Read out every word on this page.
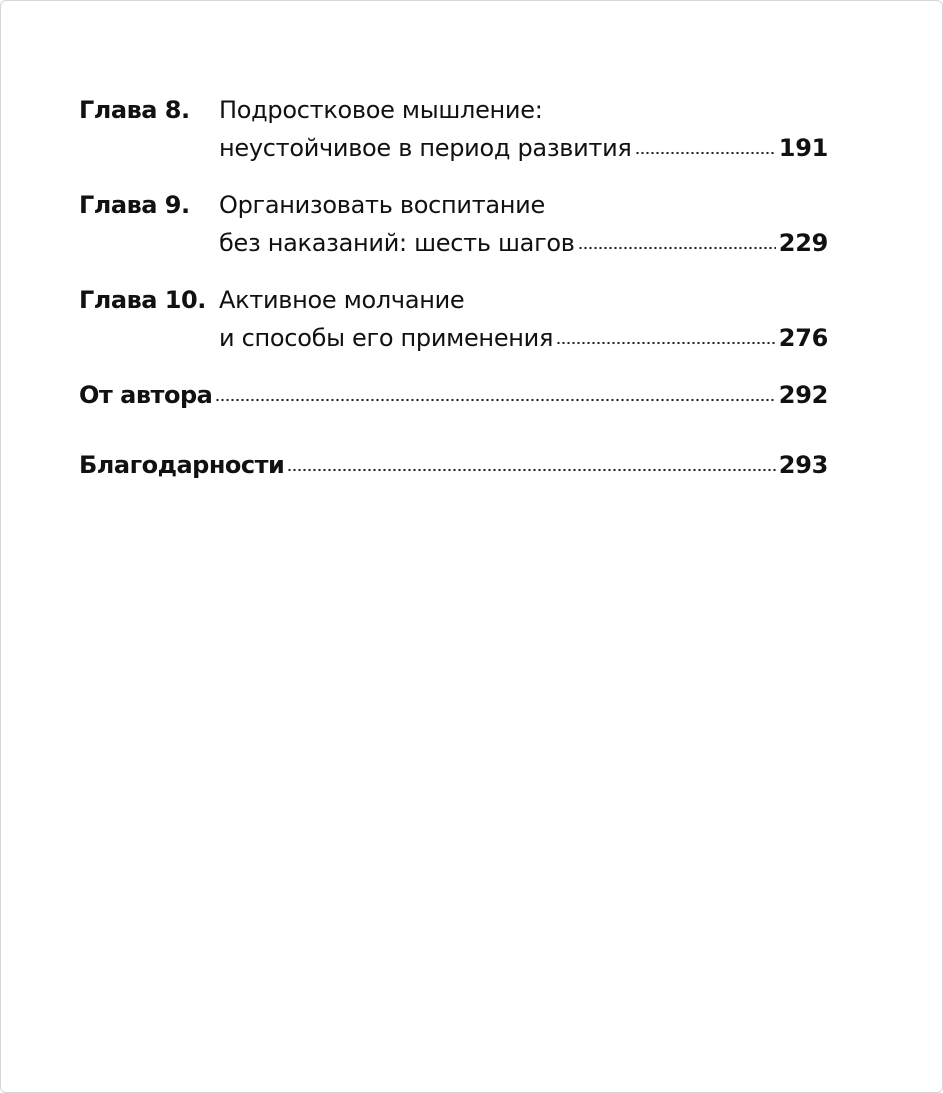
Глава 8.	Подростковое мышление:
неустойчивое в период развития	191
Глава 9.	Организовать воспитание
без наказаний: шесть шагов	229
Глава 10. Активное молчание
и способы его применения	276
От автора	292
Благодарности	293
